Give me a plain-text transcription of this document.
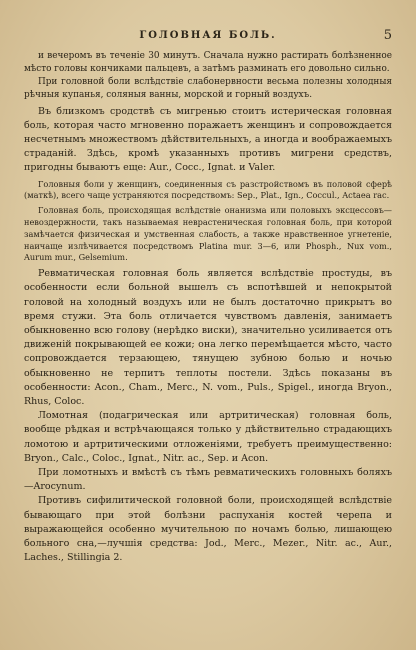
ГОЛОВНАЯ БОЛЬ.	5

и вечеромъ въ теченіе 30 минутъ. Сначала нужно растирать болѣзненное мѣсто головы кончиками пальцевъ, а затѣмъ разминать его довольно сильно.

При головной боли вслѣдствіе слабонервности весьма полезны холодныя рѣчныя купанья, соляныя ванны, морской и горный воздухъ.

Въ близкомъ сродствѣ съ мигренью стоитъ истерическая головная боль, которая часто мгновенно поражаетъ женщинъ и сопровождается несчетнымъ множествомъ дѣйствительныхъ, а иногда и воображаемыхъ страданій. Здѣсь, кромѣ указанныхъ противъ мигрени средствъ, пригодны бываютъ еще: Aur., Cocc., Ignat. и Valer.

Головныя боли у женщинъ, соединенныя съ разстройствомъ въ половой сферѣ (маткѣ), всего чаще устраняются посредствомъ: Sep., Plat., Ign., Coccul., Actaea rac.

Головная боль, происходящая вслѣдствіе онанизма или половыхъ эксцессовъ—невоздержности, такъ называемая неврастеническая головная боль, при которой замѣчается физическая и умственная слабость, а также нравственное угнетеніе, наичаще излѣчивается посредствомъ Platina mur. 3—6, или Phosph., Nux vom., Aurum mur., Gelsemium.

Ревматическая головная боль является вслѣдствіе простуды, въ особенности если больной вышелъ съ вспотѣвшей и непокрытой головой на холодный воздухъ или не былъ достаточно прикрытъ во время стужи. Эта боль отличается чувствомъ давленія, занимаетъ обыкновенно всю голову (нерѣдко виски), значительно усиливается отъ движеній покрывающей ее кожи; она легко перемѣщается мѣсто, часто сопровождается терзающею, тянущею зубною болью и ночью обыкновенно не терпитъ теплоты постели. Здѣсь показаны въ особенности: Acon., Cham., Merc., N. vom., Puls., Spigel., иногда Bryon., Rhus, Coloc.

Ломотная (подагрическая или артритическая) головная боль, вообще рѣдкая и встрѣчающаяся только у дѣйствительно страдающихъ ломотою и артритическими отложеніями, требуетъ преимущественно: Bryon., Calc., Coloc., Ignat., Nitr. ac., Sep. и Acon.

При ломотныхъ и вмѣстѣ съ тѣмъ ревматическихъ головныхъ боляхъ—Arocynum.

Противъ сифилитической головной боли, происходящей вслѣдствіе бывающаго при этой болѣзни распуханія костей черепа и выражающейся особенно мучительною по ночамъ болью, лишающею больного сна,—лучшія средства: Jod., Merc., Mezer., Nitr. ac., Aur., Laches., Stillingia 2.
